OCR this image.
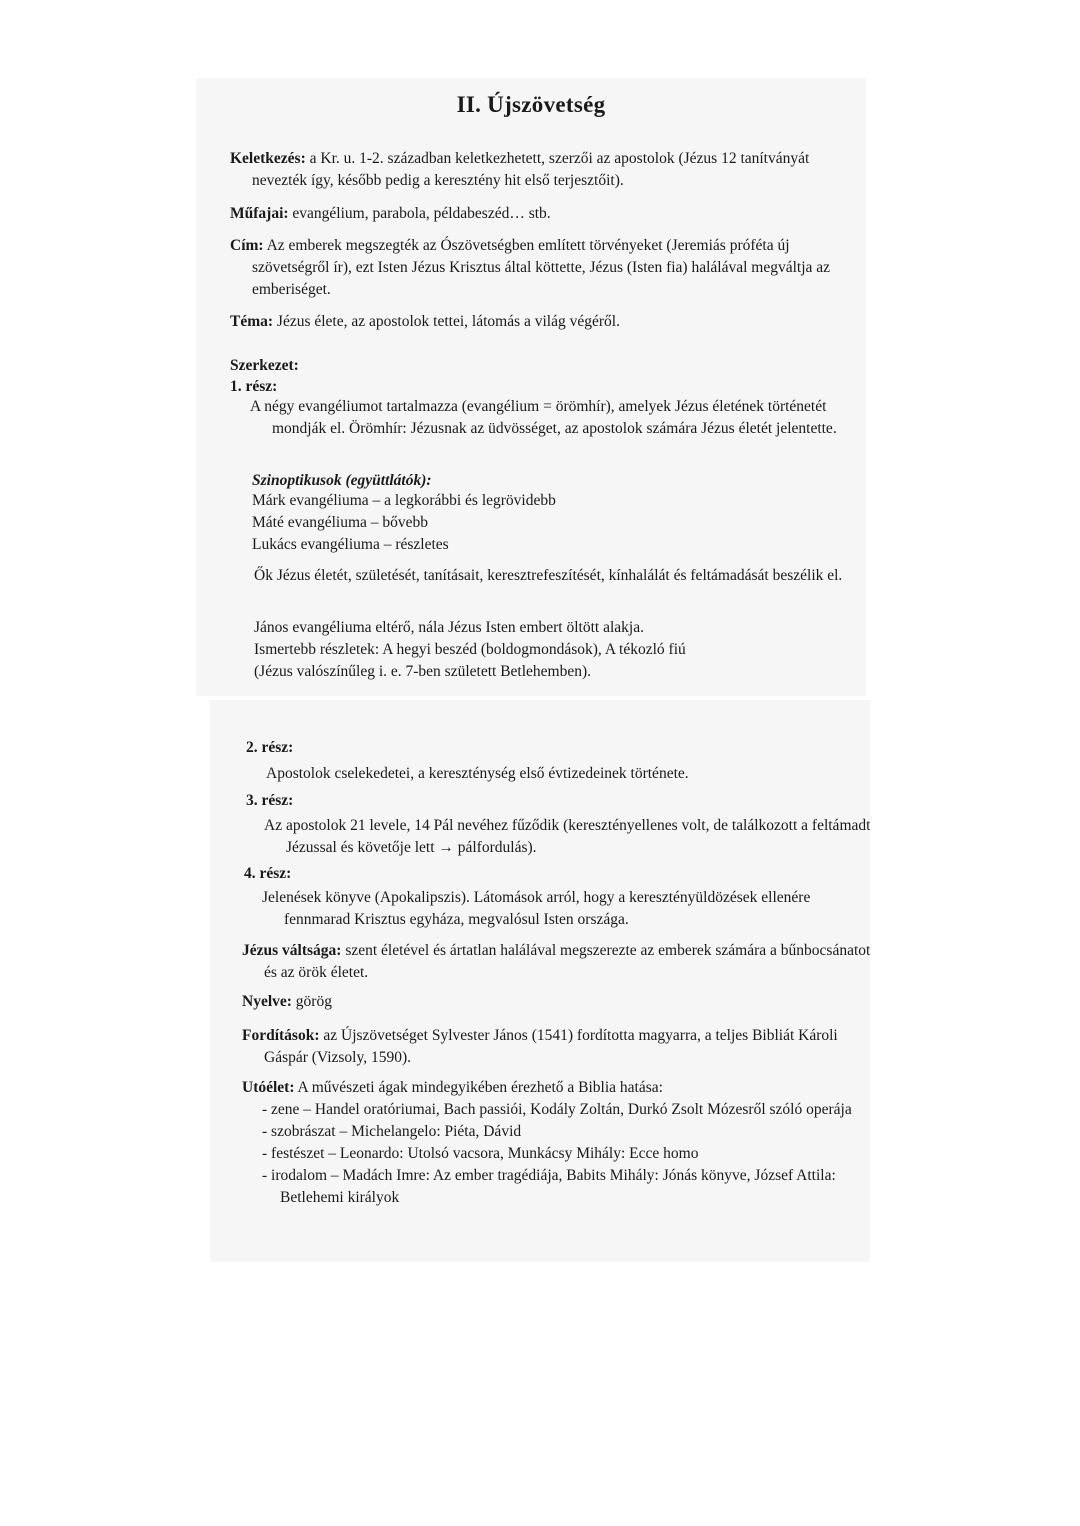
II. Újszövetség
Keletkezés: a Kr. u. 1-2. században keletkezhetett, szerzői az apostolok (Jézus 12 tanítványát nevezték így, később pedig a keresztény hit első terjesztőit).
Műfajai: evangélium, parabola, példabeszéd… stb.
Cím: Az emberek megszegték az Ószövetségben említett törvényeket (Jeremiás próféta új szövetségről ír), ezt Isten Jézus Krisztus által köttette, Jézus (Isten fia) halálával megváltja az emberiséget.
Téma: Jézus élete, az apostolok tettei, látomás a világ végéről.
Szerkezet:
1. rész:
A négy evangéliumot tartalmazza (evangélium = örömhír), amelyek Jézus életének történetét mondják el. Örömhír: Jézusnak az üdvösséget, az apostolok számára Jézus életét jelentette.
Szinoptikusok (együttlátók):
Márk evangéliuma – a legkorábbi és legrövidebb
Máté evangéliuma – bővebb
Lukács evangéliuma – részletes
Ők Jézus életét, születését, tanításait, keresztrefeszítését, kínhalálát és feltámadását beszélik el.
János evangéliuma eltérő, nála Jézus Isten embert öltött alakja.
Ismertebb részletek: A hegyi beszéd (boldogmondások), A tékozló fiú
(Jézus valószínűleg i. e. 7-ben született Betlehemben).
2. rész:
Apostolok cselekedetei, a kereszténység első évtizedeinek története.
3. rész:
Az apostolok 21 levele, 14 Pál nevéhez fűződik (keresztényellenes volt, de találkozott a feltámadt Jézussal és követője lett → pálfordulás).
4. rész:
Jelenések könyve (Apokalipszis). Látomások arról, hogy a keresztényüldözések ellenére fennmarad Krisztus egyháza, megvalósul Isten országa.
Jézus váltsága: szent életével és ártatlan halálával megszerezte az emberek számára a bűnbocsánatot és az örök életet.
Nyelve: görög
Fordítások: az Újszövetséget Sylvester János (1541) fordította magyarra, a teljes Bibliát Károli Gáspár (Vizsoly, 1590).
Utóélet: A művészeti ágak mindegyikében érezhető a Biblia hatása:
- zene – Handel oratóriumai, Bach passiói, Kodály Zoltán, Durkó Zsolt Mózesről szóló operája
- szobrászat – Michelangelo: Piéta, Dávid
- festészet – Leonardo: Utolsó vacsora, Munkácsy Mihály: Ecce homo
- irodalom – Madách Imre: Az ember tragédiája, Babits Mihály: Jónás könyve, József Attila: Betlehemi királyok
